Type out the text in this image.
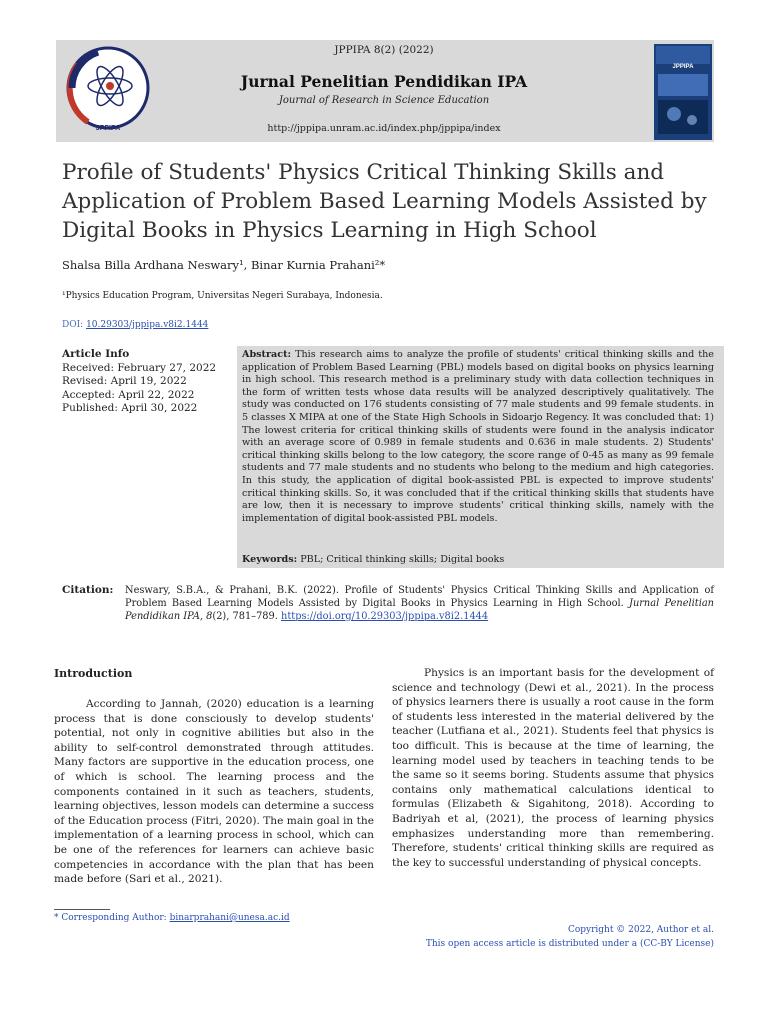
JPPIPA
JPPIPA
JPPIPA 8(2) (2022)
Jurnal Penelitian Pendidikan IPA
Journal of Research in Science Education
http://jppipa.unram.ac.id/index.php/jppipa/index
Profile of Students' Physics Critical Thinking Skills and Application of Problem Based Learning Models Assisted by Digital Books in Physics Learning in High School
Shalsa Billa Ardhana Neswary¹, Binar Kurnia Prahani²*
¹Physics Education Program, Universitas Negeri Surabaya, Indonesia.
DOI: 10.29303/jppipa.v8i2.1444
Article Info
Received: February 27, 2022
Revised: April 19, 2022
Accepted: April 22, 2022
Published: April 30, 2022
Abstract: This research aims to analyze the profile of students' critical thinking skills and the application of Problem Based Learning (PBL) models based on digital books on physics learning in high school. This research method is a preliminary study with data collection techniques in the form of written tests whose data results will be analyzed descriptively qualitatively. The study was conducted on 176 students consisting of 77 male students and 99 female students. in 5 classes X MIPA at one of the State High Schools in Sidoarjo Regency. It was concluded that: 1) The lowest criteria for critical thinking skills of students were found in the analysis indicator with an average score of 0.989 in female students and 0.636 in male students. 2) Students' critical thinking skills belong to the low category, the score range of 0-45 as many as 99 female students and 77 male students and no students who belong to the medium and high categories. In this study, the application of digital book-assisted PBL is expected to improve students' critical thinking skills. So, it was concluded that if the critical thinking skills that students have are low, then it is necessary to improve students' critical thinking skills, namely with the implementation of digital book-assisted PBL models.
Keywords: PBL; Critical thinking skills; Digital books
Citation: Neswary, S.B.A., & Prahani, B.K. (2022). Profile of Students' Physics Critical Thinking Skills and Application of Problem Based Learning Models Assisted by Digital Books in Physics Learning in High School. Jurnal Penelitian Pendidikan IPA, 8(2), 781–789. https://doi.org/10.29303/jppipa.v8i2.1444
Introduction

According to Jannah, (2020) education is a learning process that is done consciously to develop students' potential, not only in cognitive abilities but also in the ability to self-control demonstrated through attitudes. Many factors are supportive in the education process, one of which is school. The learning process and the components contained in it such as teachers, students, learning objectives, lesson models can determine a success of the Education process (Fitri, 2020). The main goal in the implementation of a learning process in school, which can be one of the references for learners can achieve basic competencies in accordance with the plan that has been made before (Sari et al., 2021).

Physics is an important basis for the development of science and technology (Dewi et al., 2021). In the process of physics learners there is usually a root cause in the form of students less interested in the material delivered by the teacher (Lutfiana et al., 2021). Students feel that physics is too difficult. This is because at the time of learning, the learning model used by teachers in teaching tends to be the same so it seems boring. Students assume that physics contains only mathematical calculations identical to formulas (Elizabeth & Sigahitong, 2018). According to Badriyah et al, (2021), the process of learning physics emphasizes understanding more than remembering. Therefore, students' critical thinking skills are required as the key to successful understanding of physical concepts.

* Corresponding Author: binarprahani@unesa.ac.id
Copyright © 2022, Author et al.
This open access article is distributed under a (CC-BY License)
